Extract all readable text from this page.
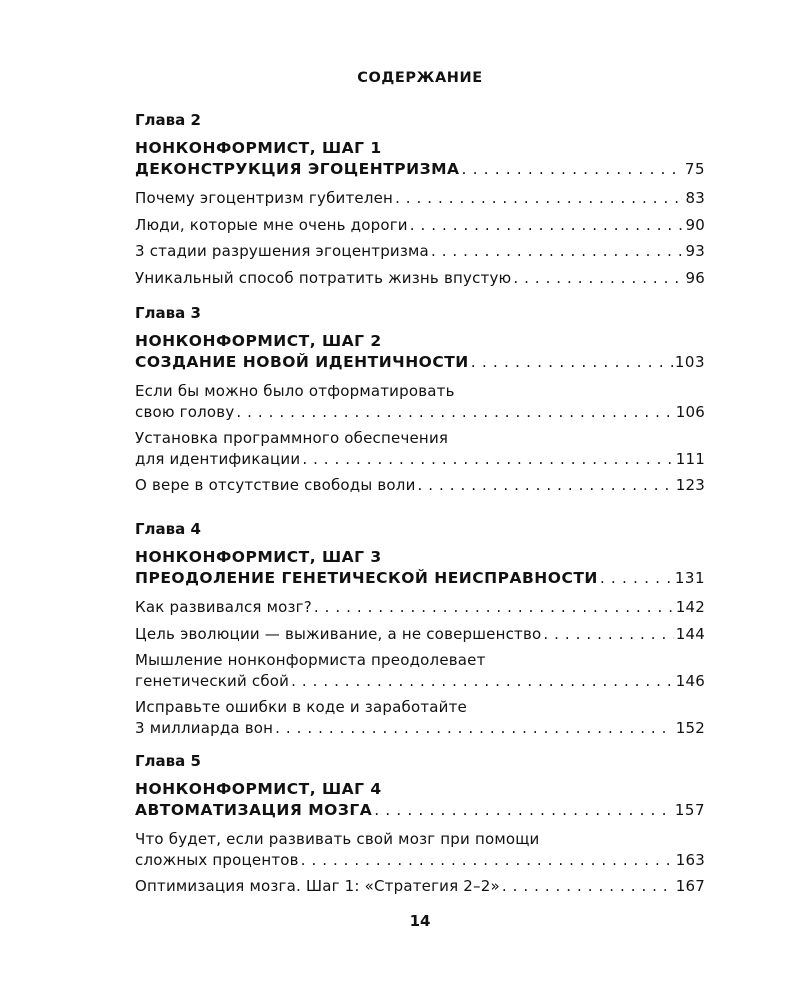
СОДЕРЖАНИЕ
Глава 2
НОНКОНФОРМИСТ, ШАГ 1
ДЕКОНСТРУКЦИЯ ЭГОЦЕНТРИЗМА . . .	75
Почему эгоцентризм губителен . . .	83
Люди, которые мне очень дороги . . .	90
3 стадии разрушения эгоцентризма . . .	93
Уникальный способ потратить жизнь впустую . . .	96
Глава 3
НОНКОНФОРМИСТ, ШАГ 2
СОЗДАНИЕ НОВОЙ ИДЕНТИЧНОСТИ . . .	103
Если бы можно было отформатировать
свою голову . . .	106
Установка программного обеспечения
для идентификации . . .	111
О вере в отсутствие свободы воли . . .	123
Глава 4
НОНКОНФОРМИСТ, ШАГ 3
ПРЕОДОЛЕНИЕ ГЕНЕТИЧЕСКОЙ НЕИСПРАВНОСТИ . . .	131
Как развивался мозг? . . .	142
Цель эволюции — выживание, а не совершенство . . .	144
Мышление нонконформиста преодолевает
генетический сбой . . .	146
Исправьте ошибки в коде и заработайте
3 миллиарда вон . . .	152
Глава 5
НОНКОНФОРМИСТ, ШАГ 4
АВТОМАТИЗАЦИЯ МОЗГА . . .	157
Что будет, если развивать свой мозг при помощи
сложных процентов . . .	163
Оптимизация мозга. Шаг 1: «Стратегия 2–2» . . .	167
14
